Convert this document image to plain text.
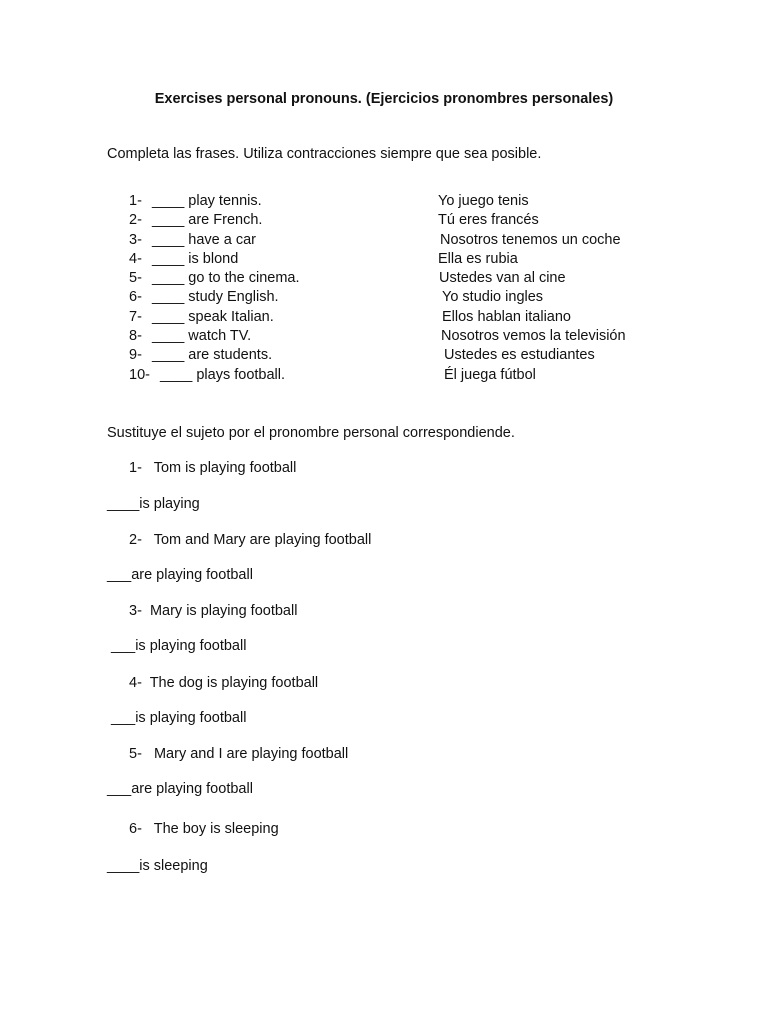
Exercises personal pronouns. (Ejercicios pronombres personales)
Completa las frases. Utiliza contracciones siempre que sea posible.
1- ____ play tennis.	Yo juego tenis
2- ____ are French.	Tú eres francés
3- ____ have a car	Nosotros tenemos un coche
4- ____ is blond	Ella es rubia
5- ____ go to the cinema.	Ustedes van al cine
6- ____ study English.	Yo studio ingles
7- ____ speak Italian.	Ellos hablan italiano
8- ____ watch TV.	Nosotros vemos la televisión
9- ____ are students.	Ustedes es estudiantes
10- ____ plays football.	Él juega fútbol
Sustituye el sujeto por el pronombre personal correspondiende.
1-   Tom is playing football
____is playing
2-   Tom and Mary are playing football
___are playing football
3-  Mary is playing football
___is playing football
4-  The dog is playing football
___is playing football
5-   Mary and I are playing football
___are playing football
6-   The boy is sleeping
____is sleeping
